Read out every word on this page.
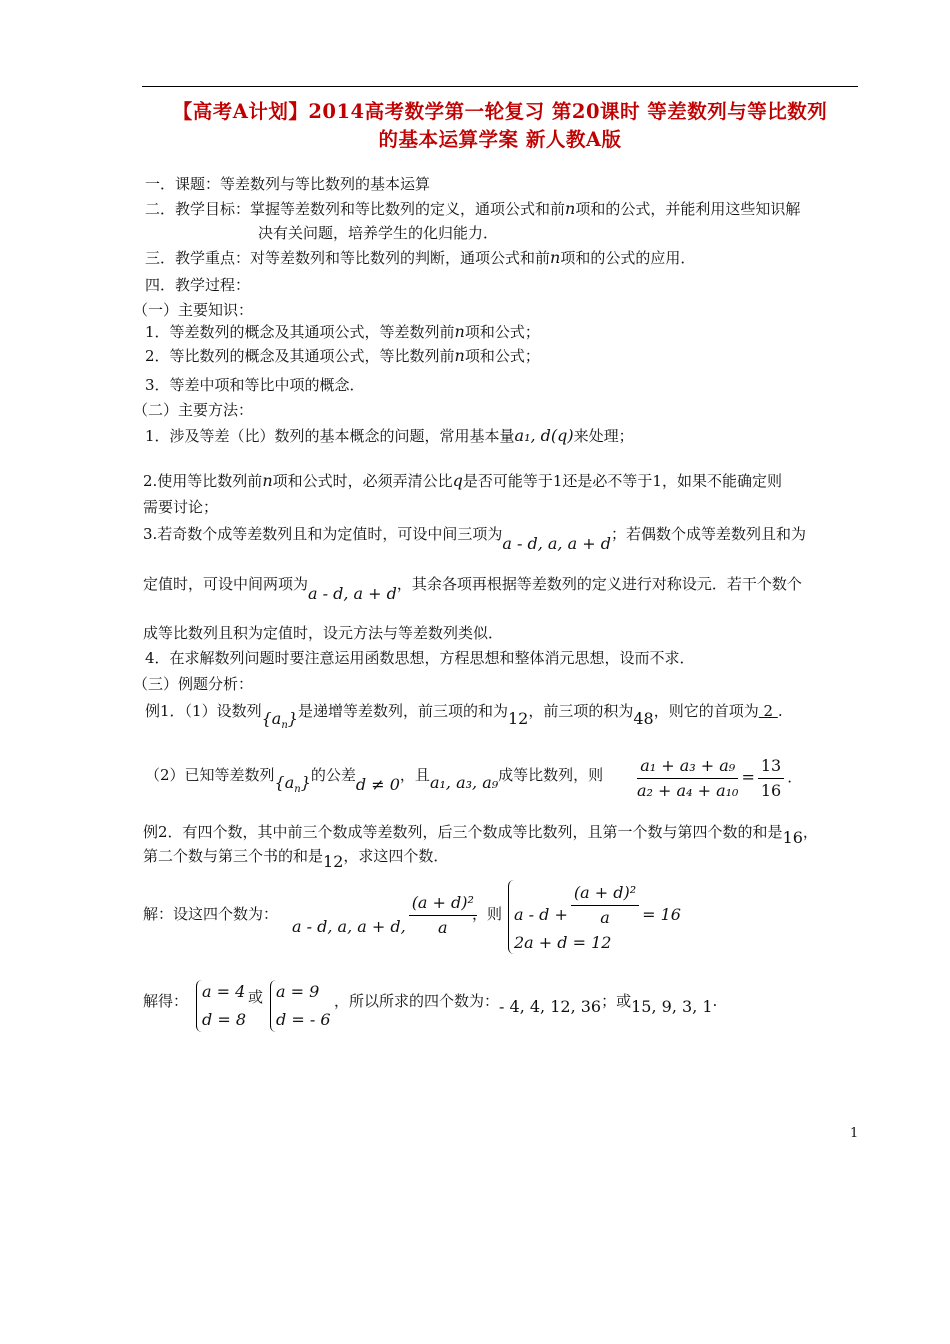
【高考A计划】2014高考数学第一轮复习 第20课时 等差数列与等比数列
的基本运算学案 新人教A版
一．课题：等差数列与等比数列的基本运算
二．教学目标：掌握等差数列和等比数列的定义，通项公式和前n项和的公式，并能利用这些知识解
决有关问题，培养学生的化归能力．
三．教学重点：对等差数列和等比数列的判断，通项公式和前n项和的公式的应用．
四．教学过程：
（一）主要知识：
1．等差数列的概念及其通项公式，等差数列前n项和公式；
2．等比数列的概念及其通项公式，等比数列前n项和公式；
3．等差中项和等比中项的概念．
（二）主要方法：
1．涉及等差（比）数列的基本概念的问题，常用基本量a₁, d(q)来处理；
2.使用等比数列前n项和公式时，必须弄清公比q是否可能等于1还是必不等于1，如果不能确定则
需要讨论；
3.若奇数个成等差数列且和为定值时，可设中间三项为a - d, a, a + d；若偶数个成等差数列且和为
定值时，可设中间两项为a - d, a + d，其余各项再根据等差数列的定义进行对称设元．若干个数个
成等比数列且积为定值时，设元方法与等差数列类似．
4．在求解数列问题时要注意运用函数思想，方程思想和整体消元思想，设而不求．
（三）例题分析：
例1．（1）设数列$\{a_n\}$是递增等差数列，前三项的和为12，前三项的积为48，则它的首项为 2 .
（2）已知等差数列$\{a_n\}$的公差d ≠ 0，且a₁, a₃, a₉成等比数列，则 $\frac{\text{a₁ + a₃ + a₉}}{\text{a₂ + a₄ + a₁₀}} = \frac{13}{16}$ .
例2．有四个数，其中前三个数成等差数列，后三个数成等比数列，且第一个数与第四个数的和是16，
第二个数与第三个书的和是12，求这四个数．
解：设这四个数为：
a - d, a, a + d, $\frac{\text{(a + d)²}}{a}$
，则 $a - d + \frac{\text{(a + d)²}}{a} = 16$
2a + d = 12
解得： a = 4
d = 8
或 a = 9
d = - 6
，所以所求的四个数为：- 4, 4, 12, 36；或15, 9, 3, 1.
1
